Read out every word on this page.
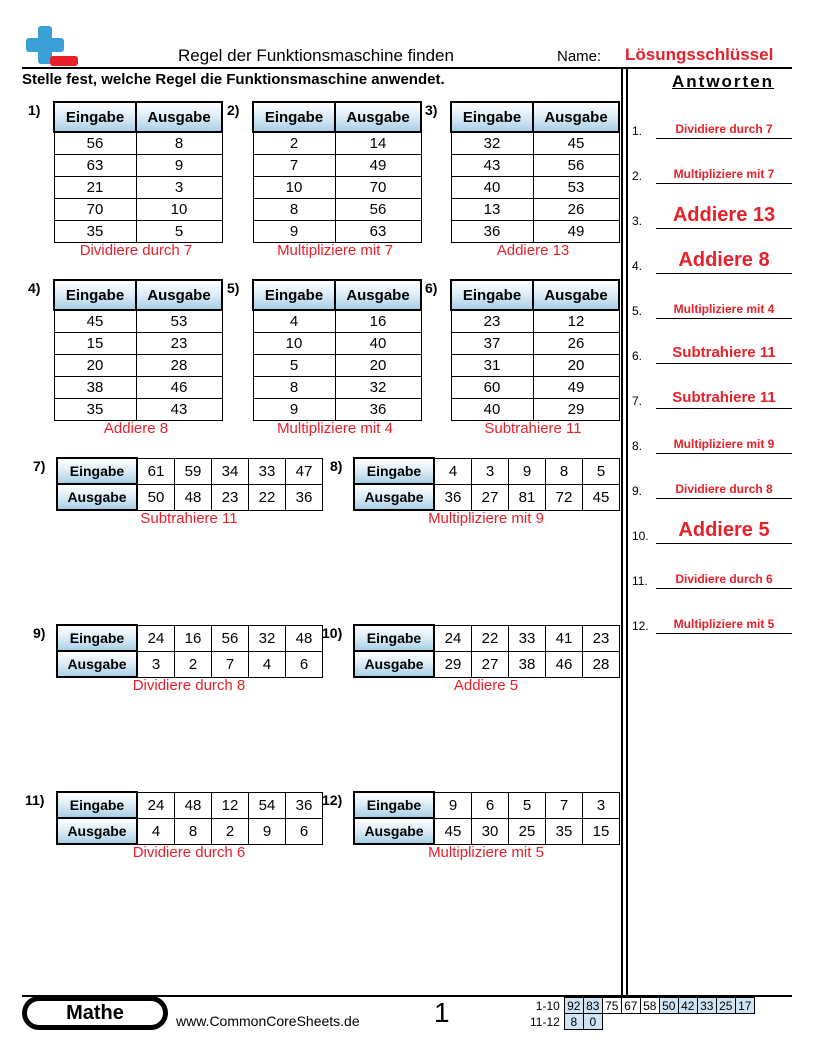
Regel der Funktionsmaschine finden	Name: Lösungsschlüssel
Stelle fest, welche Regel die Funktionsmaschine anwendet.	Antworten
1) Eingabe	Ausgabe
56	8
63	9
21	3
70	10
35	5
Dividiere durch 7
2) Eingabe	Ausgabe
2	14
7	49
10	70
8	56
9	63
Multipliziere mit 7
3) Eingabe	Ausgabe
32	45
43	56
40	53
13	26
36	49
Addiere 13
4) Eingabe	Ausgabe
45	53
15	23
20	28
38	46
35	43
Addiere 8
5) Eingabe	Ausgabe
4	16
10	40
5	20
8	32
9	36
Multipliziere mit 4
6) Eingabe	Ausgabe
23	12
37	26
31	20
60	49
40	29
Subtrahiere 11
7) Eingabe	61	59	34	33	47
Ausgabe	50	48	23	22	36
Subtrahiere 11
8) Eingabe	4	3	9	8	5
Ausgabe	36	27	81	72	45
Multipliziere mit 9
9) Eingabe	24	16	56	32	48
Ausgabe	3	2	7	4	6
Dividiere durch 8
10) Eingabe	24	22	33	41	23
Ausgabe	29	27	38	46	28
Addiere 5
11) Eingabe	24	48	12	54	36
Ausgabe	4	8	2	9	6
Dividiere durch 6
12) Eingabe	9	6	5	7	3
Ausgabe	45	30	25	35	15
Multipliziere mit 5
1.	Dividiere durch 7
2.	Multipliziere mit 7
3.	Addiere 13
4.	Addiere 8
5.	Multipliziere mit 4
6.	Subtrahiere 11
7.	Subtrahiere 11
8.	Multipliziere mit 9
9.	Dividiere durch 8
10.	Addiere 5
11.	Dividiere durch 6
12.	Multipliziere mit 5
Mathe	www.CommonCoreSheets.de	1	1-10	92	83	75	67	58	50	42	33	25	17
11-12	8	0								
